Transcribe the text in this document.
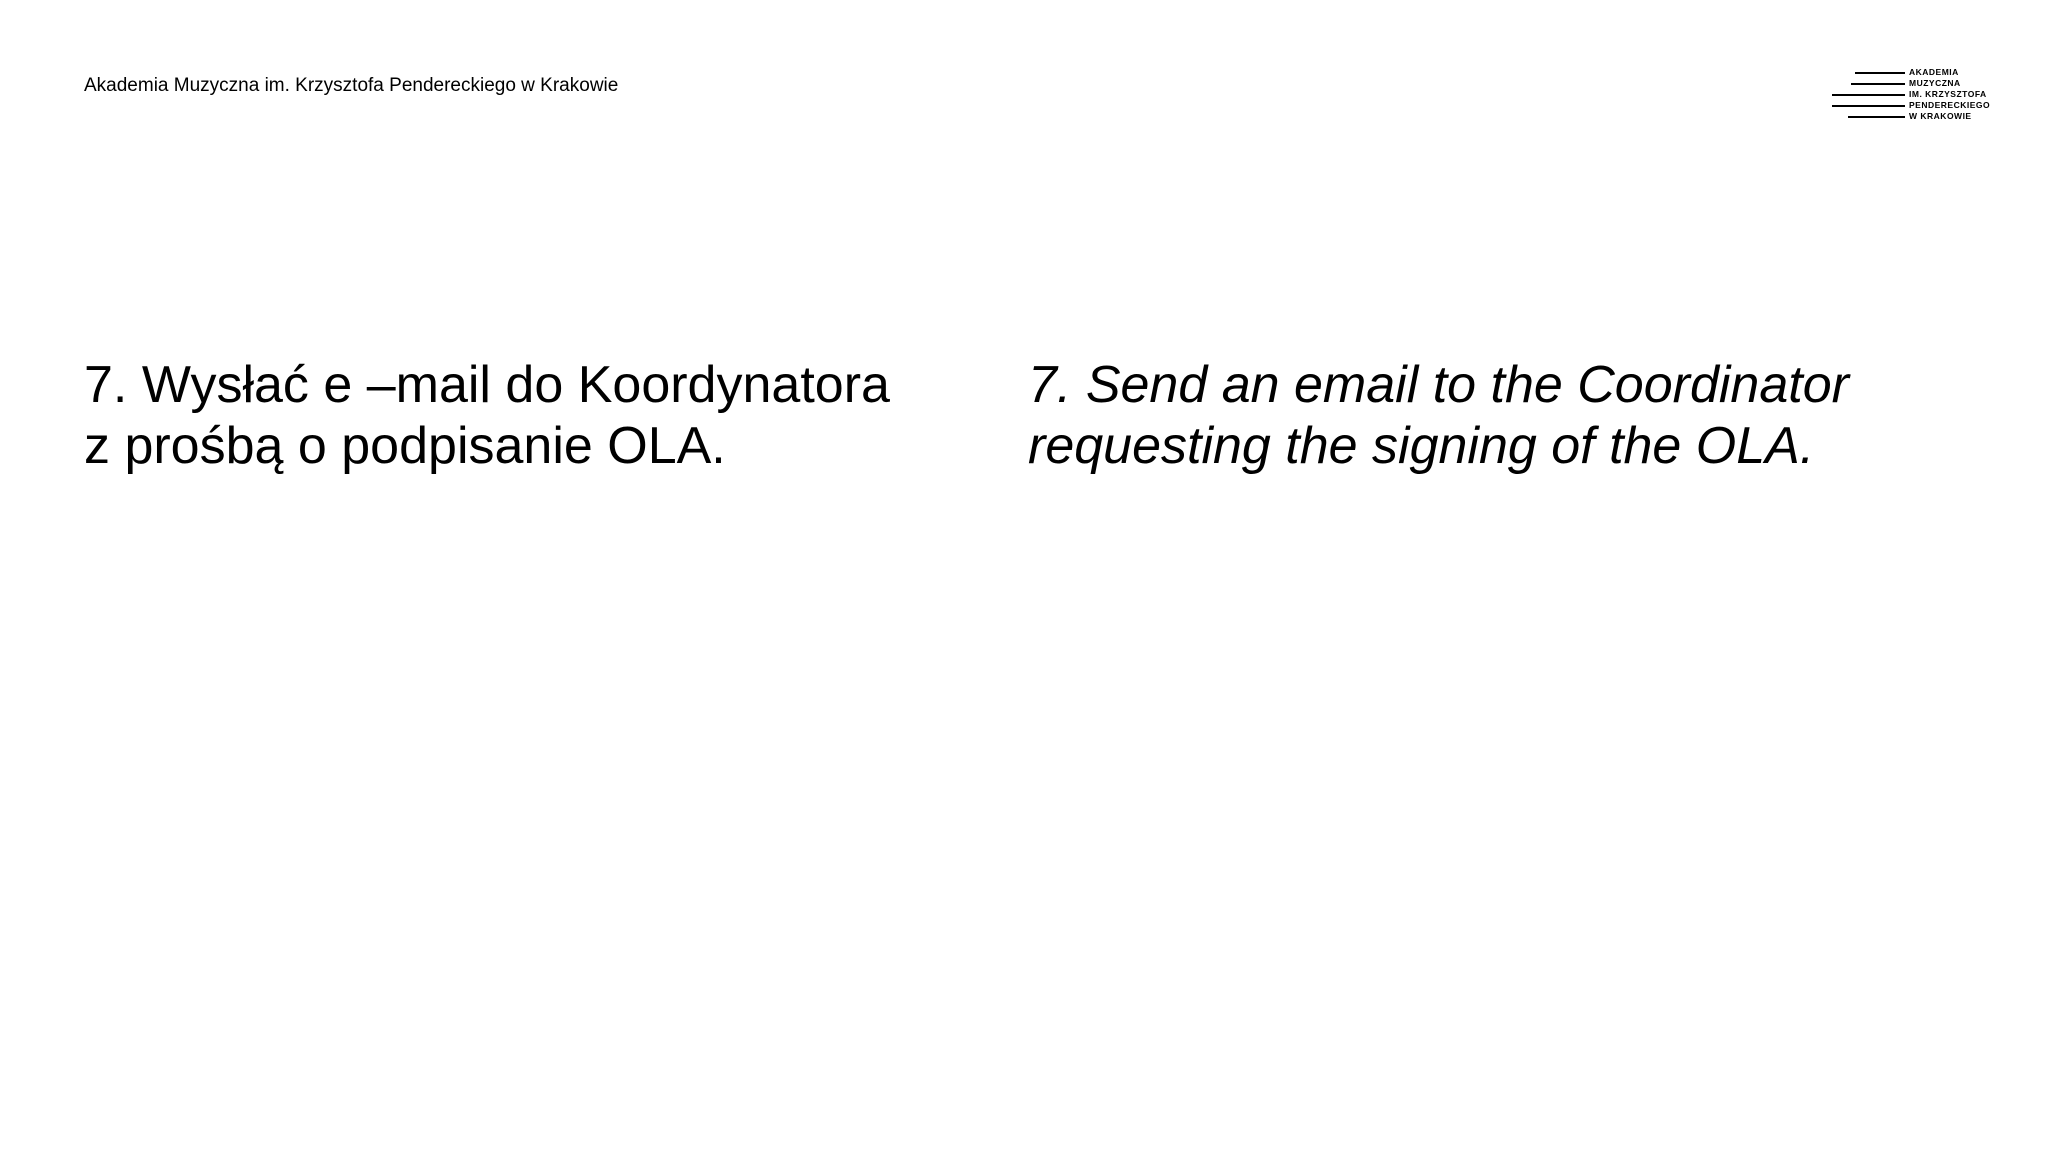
Akademia Muzyczna im. Krzysztofa Pendereckiego w Krakowie
AKADEMIA
MUZYCZNA
IM. KRZYSZTOFA
PENDERECKIEGO
W KRAKOWIE
7. Wysłać e –mail do Koordynatora
z prośbą o podpisanie OLA.
7. Send an email to the Coordinator
requesting the signing of the OLA.
